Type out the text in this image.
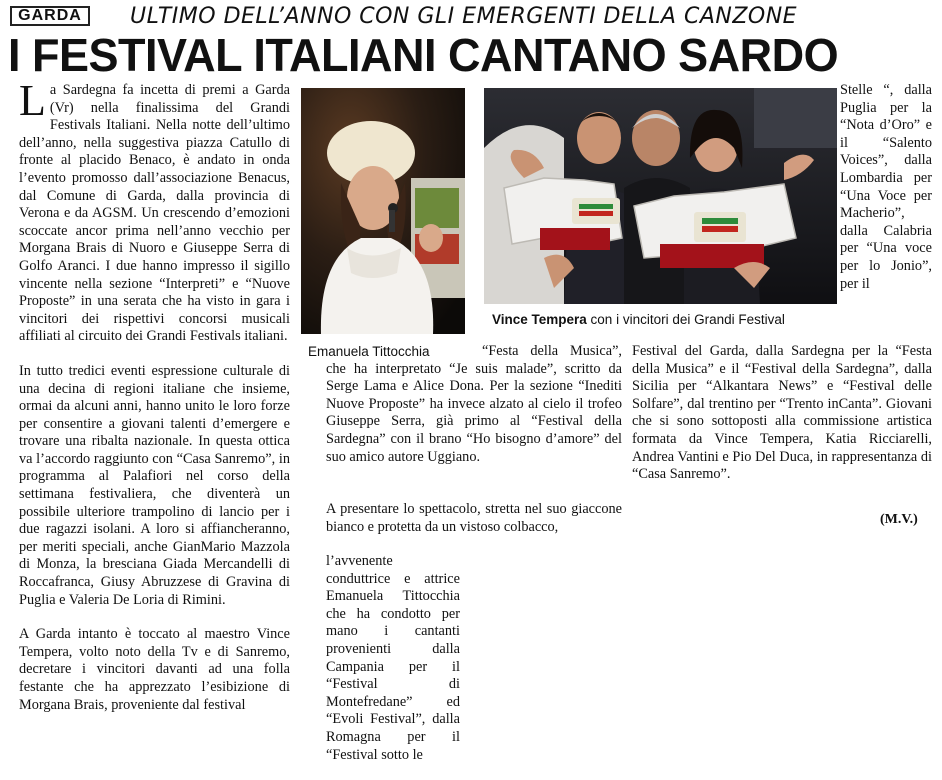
GARDA	ULTIMO DELL’ANNO CON GLI EMERGENTI DELLA CANZONE
I FESTIVAL ITALIANI CANTANO SARDO

La Sardegna fa incetta di premi a Garda (Vr) nella finalissima del Grandi Festivals Italiani. Nella notte dell’ultimo dell’anno, nella suggestiva piazza Catullo di fronte al placido Benaco, è andato in onda l’evento promosso dall’associazione Benacus, dal Comune di Garda, dalla provincia di Verona e da AGSM. Un crescendo d’emozioni scoccate ancor prima nell’anno vecchio per Morgana Brais di Nuoro e Giuseppe Serra di Golfo Aranci. I due hanno impresso il sigillo vincente nella sezione “Interpreti” e “Nuove Proposte” in una serata che ha visto in gara i vincitori dei rispettivi concorsi musicali affiliati al circuito dei Grandi Festivals italiani.

In tutto tredici eventi espressione culturale di una decina di regioni italiane che insieme, ormai da alcuni anni, hanno unito le loro forze per consentire a giovani talenti d’emergere e trovare una ribalta nazionale. In questa ottica va l’accordo raggiunto con “Casa Sanremo”, in programma al Palafiori nel corso della settimana festivaliera, che diventerà un possibile ulteriore trampolino di lancio per i due ragazzi isolani. A loro si affiancheranno, per meriti speciali, anche GianMario Mazzola di Monza, la bresciana Giada Mercandelli di Roccafranca, Giusy Abruzzese di Gravina di Puglia e Valeria De Loria di Rimini.

A Garda intanto è toccato al maestro Vince Tempera, volto noto della Tv e di Sanremo, decretare i vincitori davanti ad una folla festante che ha apprezzato l’esibizione di Morgana Brais, proveniente dal festival

Emanuela Tittocchia
Vince Tempera con i vincitori dei Grandi Festival

“Festa della Musica”, che ha interpretato “Je suis malade”, scritto da Serge Lama e Alice Dona. Per la sezione “Inediti Nuove Proposte” ha invece alzato al cielo il trofeo Giuseppe Serra, già primo al “Festival della Sardegna” con il brano “Ho bisogno d’amore” del suo amico autore Uggiano.

A presentare lo spettacolo, stretta nel suo giaccone bianco e protetta da un vistoso colbacco,

l’avvenente conduttrice e attrice Emanuela Tittocchia che ha condotto per mano i cantanti provenienti dalla Campania per il “Festival di Montefredane” ed “Evoli Festival”, dalla Romagna per il “Festival sotto le

Stelle “, dalla Puglia per la “Nota d’Oro” e il “Salento Voices”, dalla Lombardia per “Una Voce per Macherio”, dalla Calabria per “Una voce per lo Jonio”, per il

Festival del Garda, dalla Sardegna per la “Festa della Musica” e il “Festival della Sardegna”, dalla Sicilia per “Alkantara News” e “Festival delle Solfare”, dal trentino per “Trento inCanta”. Giovani che si sono sottoposti alla commissione artistica formata da Vince Tempera, Katia Ricciarelli, Andrea Vantini e Pio Del Duca, in rappresentanza di “Casa Sanremo”.

(M.V.)
